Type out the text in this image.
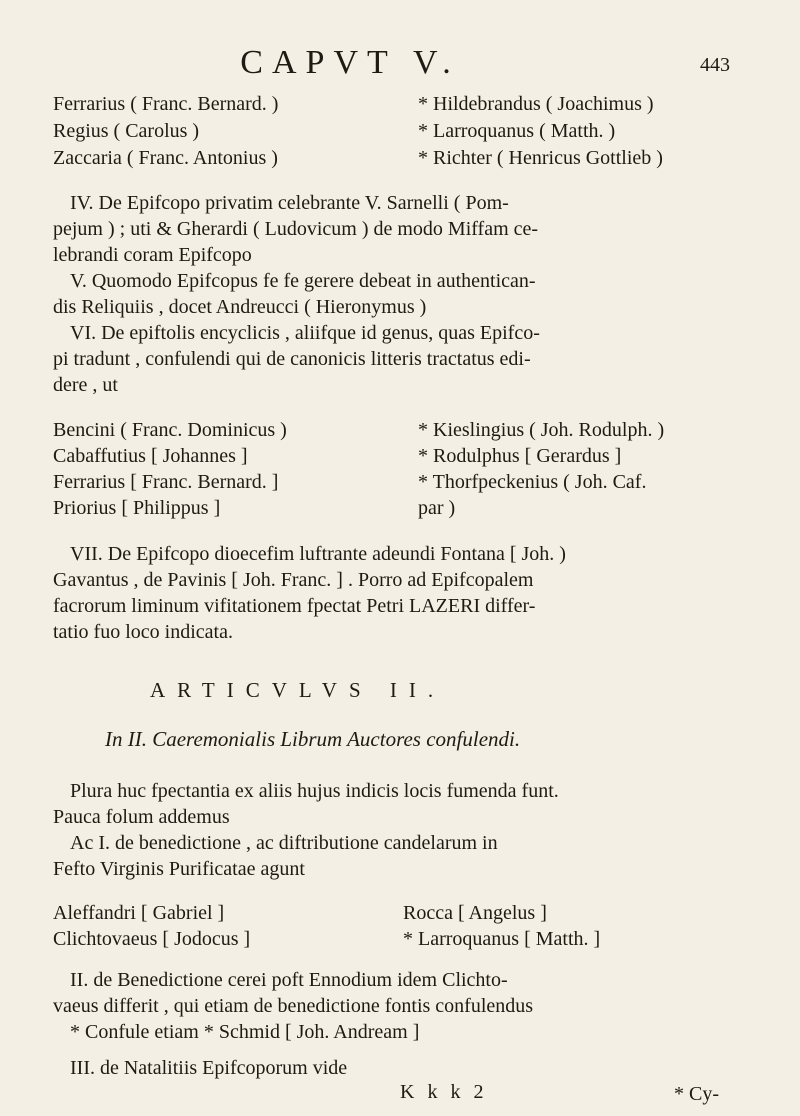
CAPVT V.	443
Ferrarius ( Franc. Bernard. )	* Hildebrandus ( Joachimus )
Regius ( Carolus )	* Larroquanus ( Matth. )
Zaccaria ( Franc. Antonius )	* Richter ( Henricus Gottlieb )
IV. De Epifcopo privatim celebrante V. Sarnelli ( Pom-
pejum ) ; uti & Gherardi ( Ludovicum ) de modo Miffam ce-
lebrandi coram Epifcopo
V. Quomodo Epifcopus fe fe gerere debeat in authentican-
dis Reliquiis , docet Andreucci ( Hieronymus )
VI. De epiftolis encyclicis , aliifque id genus, quas Epifco-
pi tradunt , confulendi qui de canonicis litteris tractatus edi-
dere , ut
Bencini ( Franc. Dominicus )	* Kieslingius ( Joh. Rodulph. )
Cabaffutius [ Johannes ]	* Rodulphus [ Gerardus ]
Ferrarius [ Franc. Bernard. ]	* Thorfpeckenius ( Joh. Caf.
Priorius [ Philippus ]	par )
VII. De Epifcopo dioecefim luftrante adeundi Fontana [ Joh. )
Gavantus , de Pavinis [ Joh. Franc. ] . Porro ad Epifcopalem
facrorum liminum vifitationem fpectat Petri LAZERI differ-
tatio fuo loco indicata.
ARTICVLVS II.
In II. Caeremonialis Librum Auctores confulendi.
Plura huc fpectantia ex aliis hujus indicis locis fumenda funt.
Pauca folum addemus
Ac I. de benedictione , ac diftributione candelarum in
Fefto Virginis Purificatae agunt
Aleffandri [ Gabriel ]	Rocca [ Angelus ]
Clichtovaeus [ Jodocus ]	* Larroquanus [ Matth. ]
II. de Benedictione cerei poft Ennodium idem Clichto-
vaeus differit , qui etiam de benedictione fontis confulendus
* Confule etiam * Schmid [ Joh. Andream ]
III. de Natalitiis Epifcoporum vide
K k k 2	* Cy-
